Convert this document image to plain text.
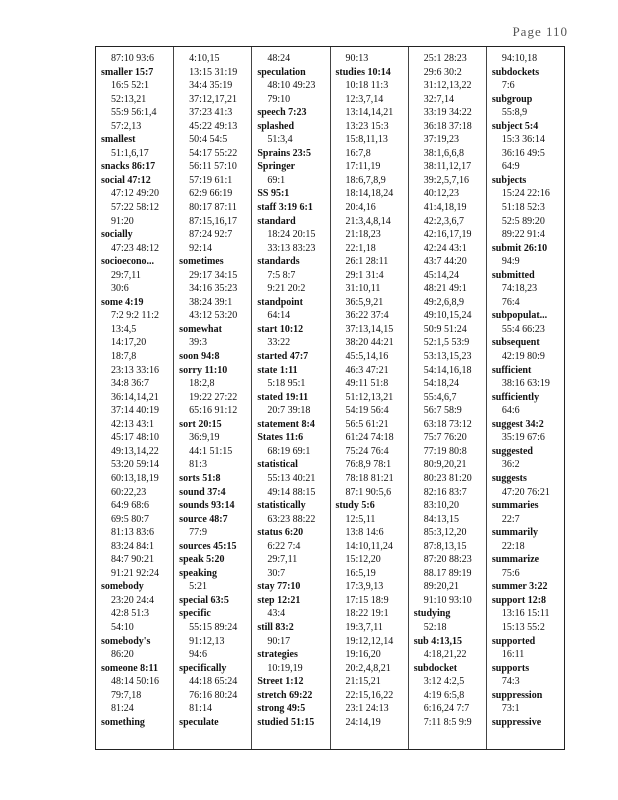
Page 110
87:10 93:6
smaller 15:7
16:5 52:1
52:13,21
55:9 56:1,4
57:2,13
smallest
51:1,6,17
snacks 86:17
social 47:12
47:12 49:20
57:22 58:12
91:20
socially
47:23 48:12
socioecono...
29:7,11
30:6
some 4:19
7:2 9:2 11:2
13:4,5
14:17,20
18:7,8
23:13 33:16
34:8 36:7
36:14,14,21
37:14 40:19
42:13 43:1
45:17 48:10
49:13,14,22
53:20 59:14
60:13,18,19
60:22,23
64:9 68:6
69:5 80:7
81:13 83:6
83:24 84:1
84:7 90:21
91:21 92:24
somebody
23:20 24:4
42:8 51:3
54:10
somebody's
86:20
someone 8:11
48:14 50:16
79:7,18
81:24
something
4:10,15
13:15 31:19
34:4 35:19
37:12,17,21
37:23 41:3
45:22 49:13
50:4 54:5
54:17 55:22
56:11 57:10
57:19 61:1
62:9 66:19
80:17 87:11
87:15,16,17
87:24 92:7
92:14
sometimes
29:17 34:15
34:16 35:23
38:24 39:1
43:12 53:20
somewhat
39:3
soon 94:8
sorry 11:10
18:2,8
19:22 27:22
65:16 91:12
sort 20:15
36:9,19
44:1 51:15
81:3
sorts 51:8
sound 37:4
sounds 93:14
source 48:7
77:9
sources 45:15
speak 5:20
speaking
5:21
special 63:5
specific
55:15 89:24
91:12,13
94:6
specifically
44:18 65:24
76:16 80:24
81:14
speculate
48:24
speculation
48:10 49:23
79:10
speech 7:23
splashed
51:3,4
Sprains 23:5
Springer
69:1
SS 95:1
staff 3:19 6:1
standard
18:24 20:15
33:13 83:23
standards
7:5 8:7
9:21 20:2
standpoint
64:14
start 10:12
33:22
started 47:7
state 1:11
5:18 95:1
stated 19:11
20:7 39:18
statement 8:4
States 11:6
68:19 69:1
statistical
55:13 40:21
49:14 88:15
statistically
63:23 88:22
status 6:20
6:22 7:4
29:7,11
30:7
stay 77:10
step 12:21
43:4
still 83:2
90:17
strategies
10:19,19
Street 1:12
stretch 69:22
strong 49:5
studied 51:15
90:13
studies 10:14
10:18 11:3
12:3,7,14
13:14,14,21
13:23 15:3
15:8,11,13
16:7,8
17:11,19
18:6,7,8,9
18:14,18,24
20:4,16
21:3,4,8,14
21:18,23
22:1,18
26:1 28:11
29:1 31:4
31:10,11
36:5,9,21
36:22 37:4
37:13,14,15
38:20 44:21
45:5,14,16
46:3 47:21
49:11 51:8
51:12,13,21
54:19 56:4
56:5 61:21
61:24 74:18
75:24 76:4
76:8,9 78:1
78:18 81:21
87:1 90:5,6
study 5:6
12:5,11
13:8 14:6
14:10,11,24
15:12,20
16:5,19
17:3,9,13
17:15 18:9
18:22 19:1
19:3,7,11
19:12,12,14
19:16,20
20:2,4,8,21
21:15,21
22:15,16,22
23:1 24:13
24:14,19
25:1 28:23
29:6 30:2
31:12,13,22
32:7,14
33:19 34:22
36:18 37:18
37:19,23
38:1,6,6,8
38:11,12,17
39:2,5,7,16
40:12,23
41:4,18,19
42:2,3,6,7
42:16,17,19
42:24 43:1
43:7 44:20
45:14,24
48:21 49:1
49:2,6,8,9
49:10,15,24
50:9 51:24
52:1,5 53:9
53:13,15,23
54:14,16,18
54:18,24
55:4,6,7
56:7 58:9
63:18 73:12
75:7 76:20
77:19 80:8
80:9,20,21
80:23 81:20
82:16 83:7
83:10,20
84:13,15
85:3,12,20
87:8,13,15
87:20 88:23
88.17 89:19
89:20,21
91:10 93:10
studying
52:18
sub 4:13,15
4:18,21,22
subdocket
3:12 4:2,5
4:19 6:5,8
6:16,24 7:7
7:11 8:5 9:9
94:10,18
subdockets
7:6
subgroup
55:8,9
subject 5:4
15:3 36:14
36:16 49:5
64:9
subjects
15:24 22:16
51:18 52:3
52:5 89:20
89:22 91:4
submit 26:10
94:9
submitted
74:18,23
76:4
subpopulat...
55:4 66:23
subsequent
42:19 80:9
sufficient
38:16 63:19
sufficiently
64:6
suggest 34:2
35:19 67:6
suggested
36:2
suggests
47:20 76:21
summaries
22:7
summarily
22:18
summarize
75:6
summer 3:22
support 12:8
13:16 15:11
15:13 55:2
supported
16:11
supports
74:3
suppression
73:1
suppressive
